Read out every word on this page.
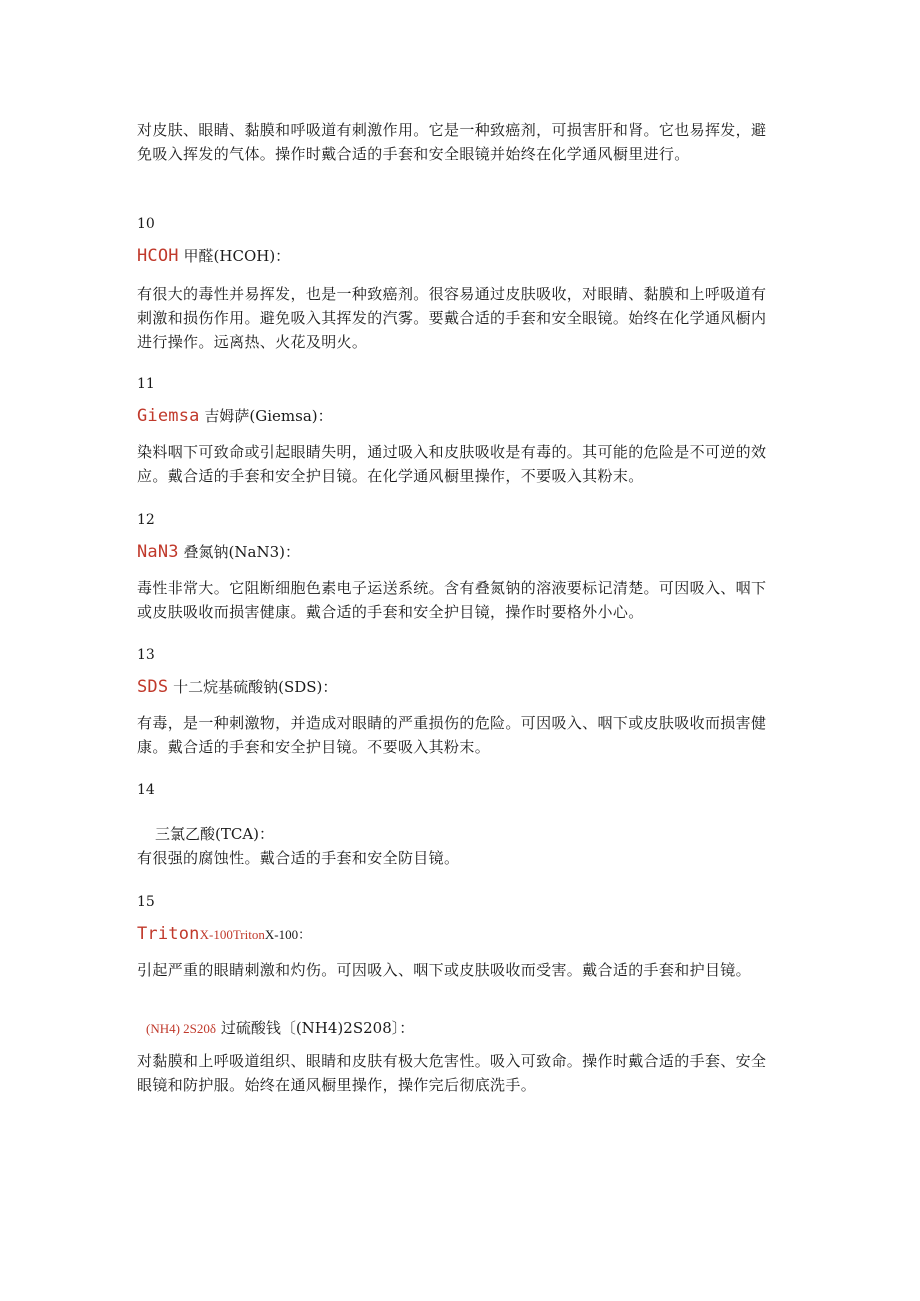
对皮肤、眼睛、黏膜和呼吸道有刺激作用。它是一种致癌剂，可损害肝和肾。它也易挥发，避免吸入挥发的气体。操作时戴合适的手套和安全眼镜并始终在化学通风橱里进行。

10

HCOH 甲醛(HCOH)：

有很大的毒性并易挥发，也是一种致癌剂。很容易通过皮肤吸收，对眼睛、黏膜和上呼吸道有刺激和损伤作用。避免吸入其挥发的汽雾。要戴合适的手套和安全眼镜。始终在化学通风橱内进行操作。远离热、火花及明火。

11

Giemsa 吉姆萨(Giemsa)：

染料咽下可致命或引起眼睛失明，通过吸入和皮肤吸收是有毒的。其可能的危险是不可逆的效应。戴合适的手套和安全护目镜。在化学通风橱里操作，不要吸入其粉末。

12

NaN3 叠氮钠(NaN3)：

毒性非常大。它阻断细胞色素电子运送系统。含有叠氮钠的溶液要标记清楚。可因吸入、咽下或皮肤吸收而损害健康。戴合适的手套和安全护目镜，操作时要格外小心。

13

SDS 十二烷基硫酸钠(SDS)：

有毒，是一种刺激物，并造成对眼睛的严重损伤的危险。可因吸入、咽下或皮肤吸收而损害健康。戴合适的手套和安全护目镜。不要吸入其粉末。

14

三氯乙酸(TCA)：

有很强的腐蚀性。戴合适的手套和安全防目镜。

15

TritonX-100TritonX-100：

引起严重的眼睛刺激和灼伤。可因吸入、咽下或皮肤吸收而受害。戴合适的手套和护目镜。

(NH4) 2S20δ 过硫酸钱〔(NH4)2S208〕：

对黏膜和上呼吸道组织、眼睛和皮肤有极大危害性。吸入可致命。操作时戴合适的手套、安全眼镜和防护服。始终在通风橱里操作，操作完后彻底洗手。
